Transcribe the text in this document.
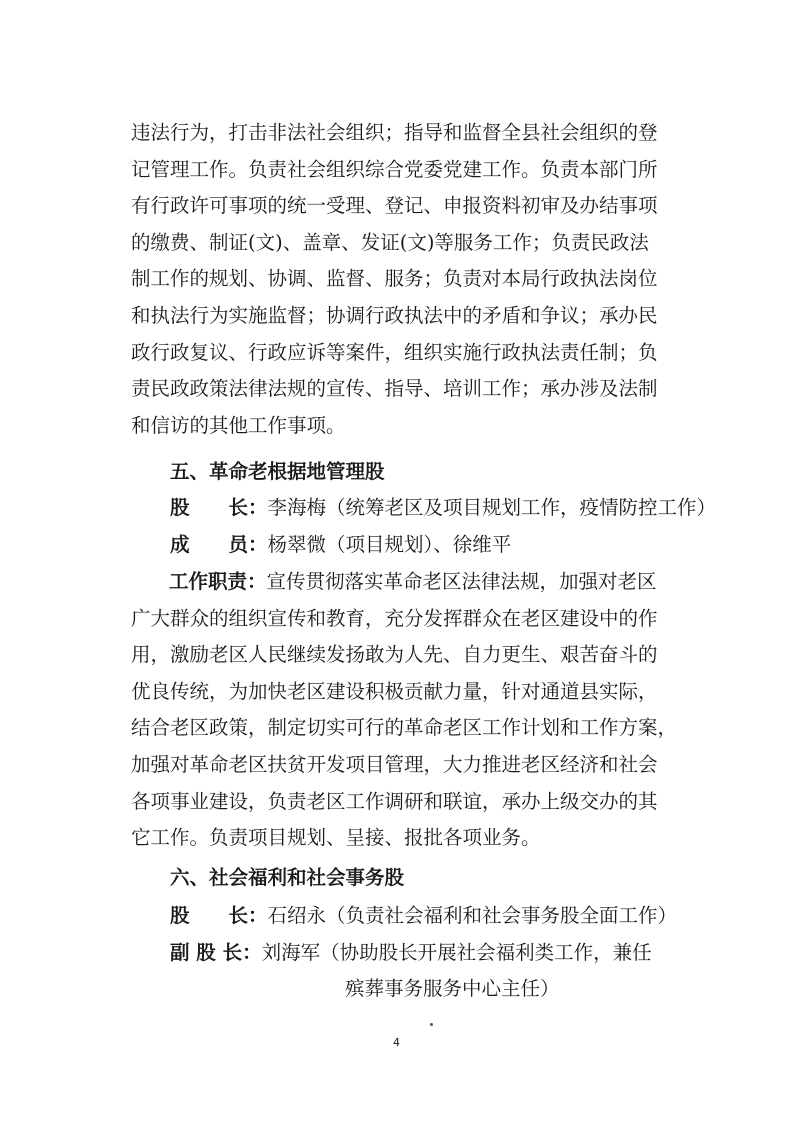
违法行为，打击非法社会组织；指导和监督全县社会组织的登
记管理工作。负责社会组织综合党委党建工作。负责本部门所
有行政许可事项的统一受理、登记、申报资料初审及办结事项
的缴费、制证(文)、盖章、发证(文)等服务工作；负责民政法
制工作的规划、协调、监督、服务；负责对本局行政执法岗位
和执法行为实施监督；协调行政执法中的矛盾和争议；承办民
政行政复议、行政应诉等案件，组织实施行政执法责任制；负
责民政政策法律法规的宣传、指导、培训工作；承办涉及法制
和信访的其他工作事项。

五、革命老根据地管理股

股　　长：李海梅（统筹老区及项目规划工作，疫情防控工作）

成　　员：杨翠微（项目规划）、徐维平

工作职责：宣传贯彻落实革命老区法律法规，加强对老区
广大群众的组织宣传和教育，充分发挥群众在老区建设中的作
用，激励老区人民继续发扬敢为人先、自力更生、艰苦奋斗的
优良传统，为加快老区建设积极贡献力量，针对通道县实际，
结合老区政策，制定切实可行的革命老区工作计划和工作方案，
加强对革命老区扶贫开发项目管理，大力推进老区经济和社会
各项事业建设，负责老区工作调研和联谊，承办上级交办的其
它工作。负责项目规划、呈接、报批各项业务。

六、社会福利和社会事务股

股　　长：石绍永（负责社会福利和社会事务股全面工作）

副 股 长：刘海军（协助股长开展社会福利类工作，兼任

殡葬事务服务中心主任）

4
